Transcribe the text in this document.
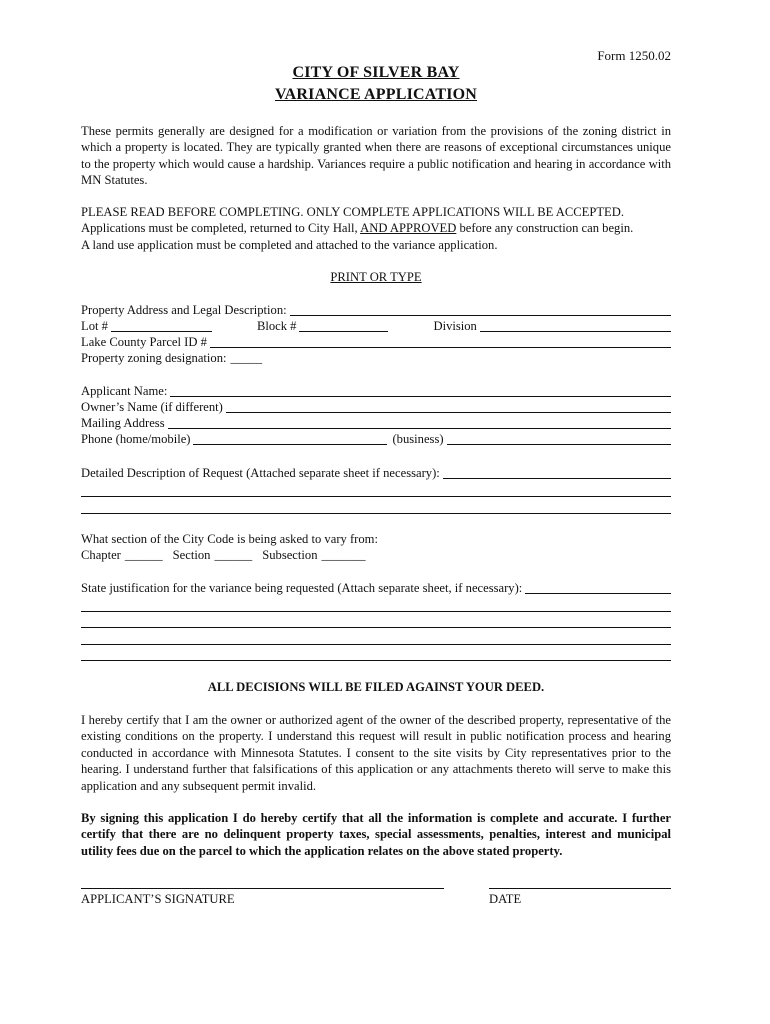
Form 1250.02
CITY OF SILVER BAY
VARIANCE APPLICATION
These permits generally are designed for a modification or variation from the provisions of the zoning district in which a property is located. They are typically granted when there are reasons of exceptional circumstances unique to the property which would cause a hardship. Variances require a public notification and hearing in accordance with MN Statutes.
PLEASE READ BEFORE COMPLETING. ONLY COMPLETE APPLICATIONS WILL BE ACCEPTED.
Applications must be completed, returned to City Hall, AND APPROVED before any construction can begin.
A land use application must be completed and attached to the variance application.
PRINT OR TYPE
Property Address and Legal Description:
Lot #	Block #	Division
Lake County Parcel ID #
Property zoning designation: _____
Applicant Name:
Owner’s Name (if different)
Mailing Address
Phone (home/mobile)	(business)
Detailed Description of Request (Attached separate sheet if necessary):
What section of the City Code is being asked to vary from:
Chapter ______ Section ______ Subsection _______
State justification for the variance being requested (Attach separate sheet, if necessary):
ALL DECISIONS WILL BE FILED AGAINST YOUR DEED.
I hereby certify that I am the owner or authorized agent of the owner of the described property, representative of the existing conditions on the property. I understand this request will result in public notification process and hearing conducted in accordance with Minnesota Statutes. I consent to the site visits by City representatives prior to the hearing. I understand further that falsifications of this application or any attachments thereto will serve to make this application and any subsequent permit invalid.
By signing this application I do hereby certify that all the information is complete and accurate. I further certify that there are no delinquent property taxes, special assessments, penalties, interest and municipal utility fees due on the parcel to which the application relates on the above stated property.
APPLICANT’S SIGNATURE	DATE
